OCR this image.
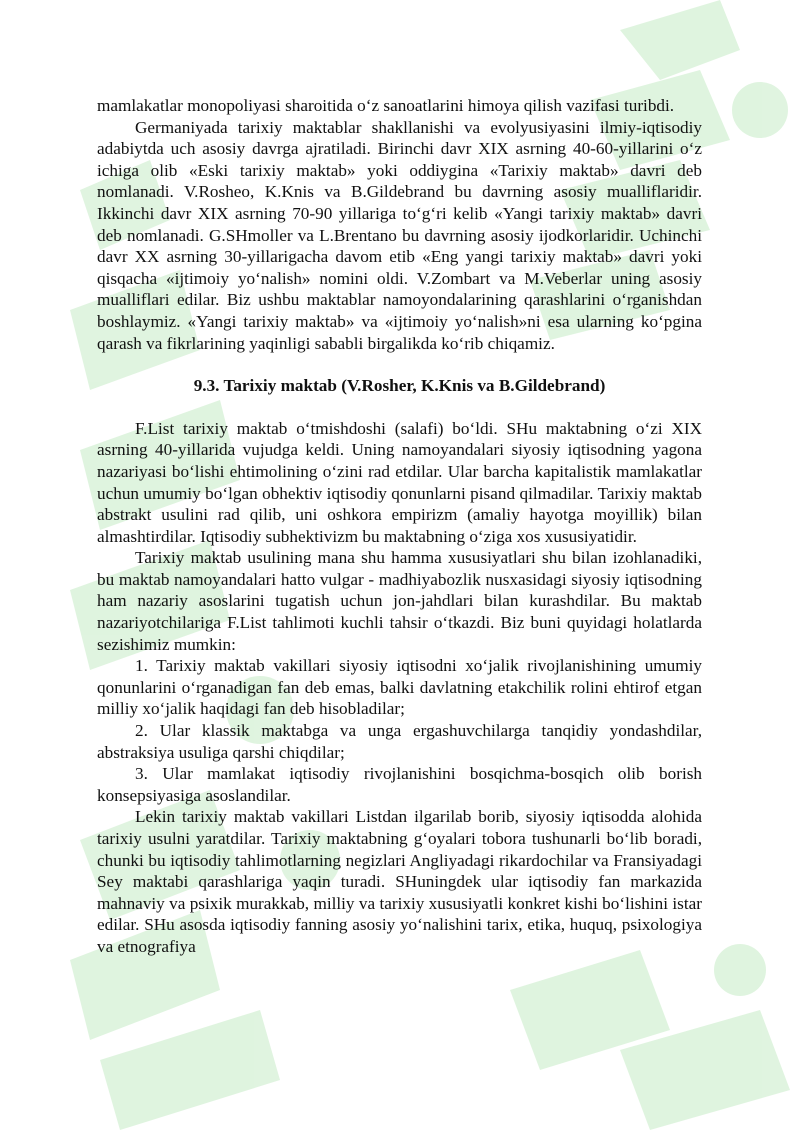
mamlakatlar monopoliyasi sharoitida oʻz sanoatlarini himoya qilish vazifasi turibdi.

Germaniyada tarixiy maktablar shakllanishi va evolyusiyasini ilmiy-iqtisodiy adabiytda uch asosiy davrga ajratiladi. Birinchi davr XIX asrning 40-60-yillarini oʻz ichiga olib «Eski tarixiy maktab» yoki oddiygina «Tarixiy maktab» davri deb nomlanadi. V.Rosheo, K.Knis va B.Gildebrand bu davrning asosiy mualliflaridir. Ikkinchi davr XIX asrning 70-90 yillariga toʻgʻri kelib «Yangi tarixiy maktab» davri deb nomlanadi. G.SHmoller va L.Brentano bu davrning asosiy ijodkorlaridir. Uchinchi davr XX asrning 30-yillarigacha davom etib «Eng yangi tarixiy maktab» davri yoki qisqacha «ijtimoiy yoʻnalish» nomini oldi. V.Zombart va M.Veberlar uning asosiy mualliflari edilar. Biz ushbu maktablar namoyondalarining qarashlarini oʻrganishdan boshlaymiz. «Yangi tarixiy maktab» va «ijtimoiy yoʻnalish»ni esa ularning koʻpgina qarash va fikrlarining yaqinligi sababli birgalikda koʻrib chiqamiz.

9.3. Tarixiy maktab (V.Rosher, K.Knis va B.Gildebrand)

F.List tarixiy maktab oʻtmishdoshi (salafi) boʻldi. SHu maktabning oʻzi XIX asrning 40-yillarida vujudga keldi. Uning namoyandalari siyosiy iqtisodning yagona nazariyasi boʻlishi ehtimolining oʻzini rad etdilar. Ular barcha kapitalistik mamlakatlar uchun umumiy boʻlgan obhektiv iqtisodiy qonunlarni pisand qilmadilar. Tarixiy maktab abstrakt usulini rad qilib, uni oshkora empirizm (amaliy hayotga moyillik) bilan almashtirdilar. Iqtisodiy subhektivizm bu maktabning oʻziga xos xususiyatidir.

Tarixiy maktab usulining mana shu hamma xususiyatlari shu bilan izohlanadiki, bu maktab namoyandalari hatto vulgar - madhiyabozlik nusxasidagi siyosiy iqtisodning ham nazariy asoslarini tugatish uchun jon-jahdlari bilan kurashdilar. Bu maktab nazariyotchilariga F.List tahlimoti kuchli tahsir oʻtkazdi. Biz buni quyidagi holatlarda sezishimiz mumkin:

1. Tarixiy maktab vakillari siyosiy iqtisodni xoʻjalik rivojlanishining umumiy qonunlarini oʻrganadigan fan deb emas, balki davlatning etakchilik rolini ehtirof etgan milliy xoʻjalik haqidagi fan deb hisobladilar;

2. Ular klassik maktabga va unga ergashuvchilarga tanqidiy yondashdilar, abstraksiya usuliga qarshi chiqdilar;

3. Ular mamlakat iqtisodiy rivojlanishini bosqichma-bosqich olib borish konsepsiyasiga asoslandilar.

Lekin tarixiy maktab vakillari Listdan ilgarilab borib, siyosiy iqtisodda alohida tarixiy usulni yaratdilar. Tarixiy maktabning gʻoyalari tobora tushunarli boʻlib boradi, chunki bu iqtisodiy tahlimotlarning negizlari Angliyadagi rikardochilar va Fransiyadagi Sey maktabi qarashlariga yaqin turadi. SHuningdek ular iqtisodiy fan markazida mahnaviy va psixik murakkab, milliy va tarixiy xususiyatli konkret kishi boʻlishini istar edilar. SHu asosda iqtisodiy fanning asosiy yoʻnalishini tarix, etika, huquq, psixologiya va etnografiya
